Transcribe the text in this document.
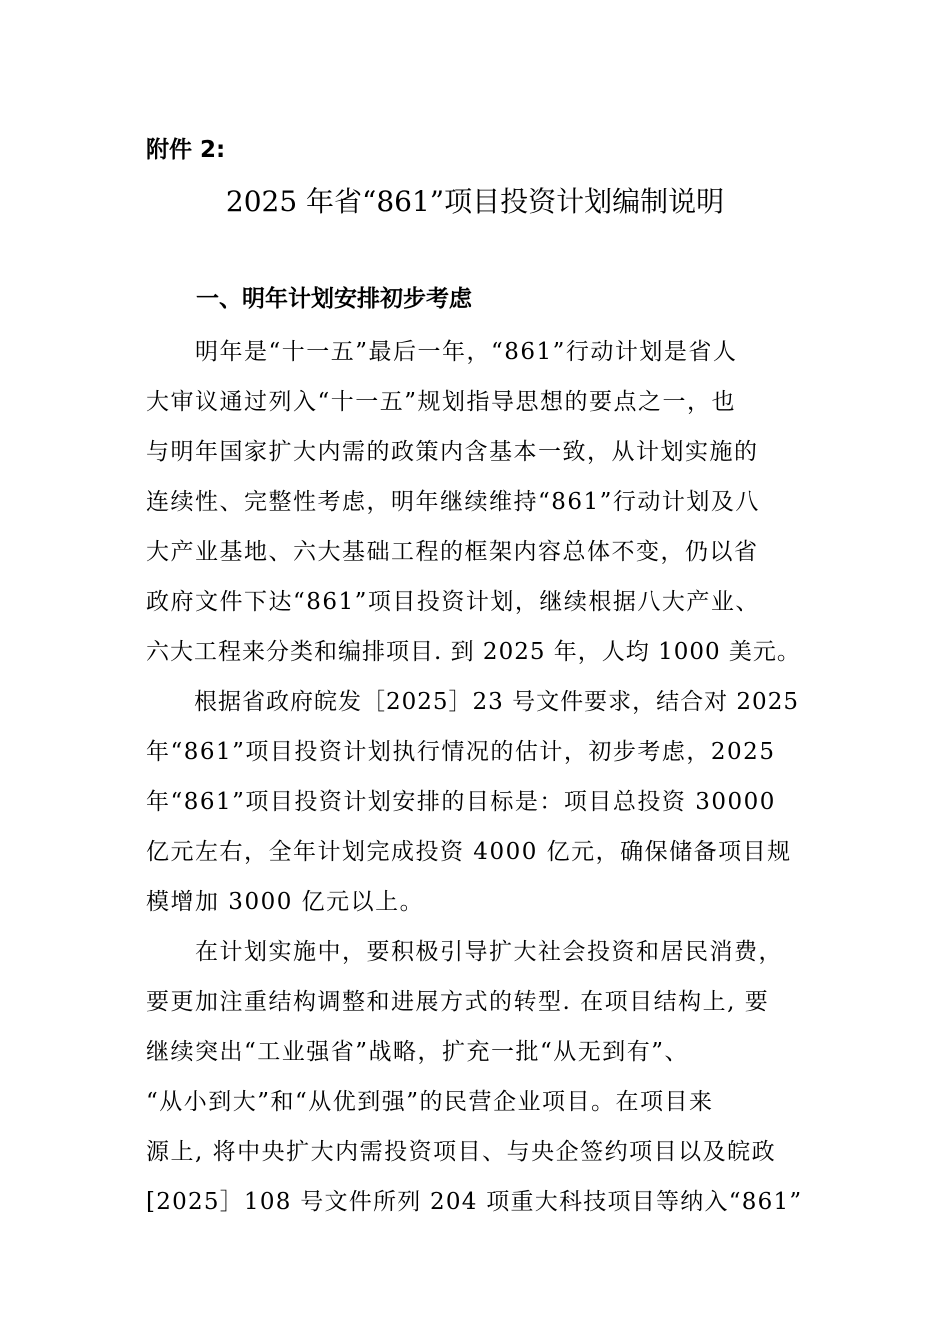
附件 2:
2025 年省“861”项目投资计划编制说明
一、明年计划安排初步考虑
　　明年是“十一五”最后一年，“861”行动计划是省人
大审议通过列入“十一五”规划指导思想的要点之一，也
与明年国家扩大内需的政策内含基本一致，从计划实施的
连续性、完整性考虑，明年继续维持“861”行动计划及八
大产业基地、六大基础工程的框架内容总体不变，仍以省
政府文件下达“861”项目投资计划，继续根据八大产业、
六大工程来分类和编排项目. 到 2025 年，人均 1000 美元。
　　根据省政府皖发［2025］23 号文件要求，结合对 2025
年“861”项目投资计划执行情况的估计，初步考虑，2025
年“861”项目投资计划安排的目标是：项目总投资 30000
亿元左右，全年计划完成投资 4000 亿元，确保储备项目规
模增加 3000 亿元以上。
　　在计划实施中，要积极引导扩大社会投资和居民消费，
要更加注重结构调整和进展方式的转型. 在项目结构上, 要
继续突出“工业强省”战略，扩充一批“从无到有”、
“从小到大”和“从优到强”的民营企业项目。在项目来
源上, 将中央扩大内需投资项目、与央企签约项目以及皖政
[2025］108 号文件所列 204 项重大科技项目等纳入“861”
